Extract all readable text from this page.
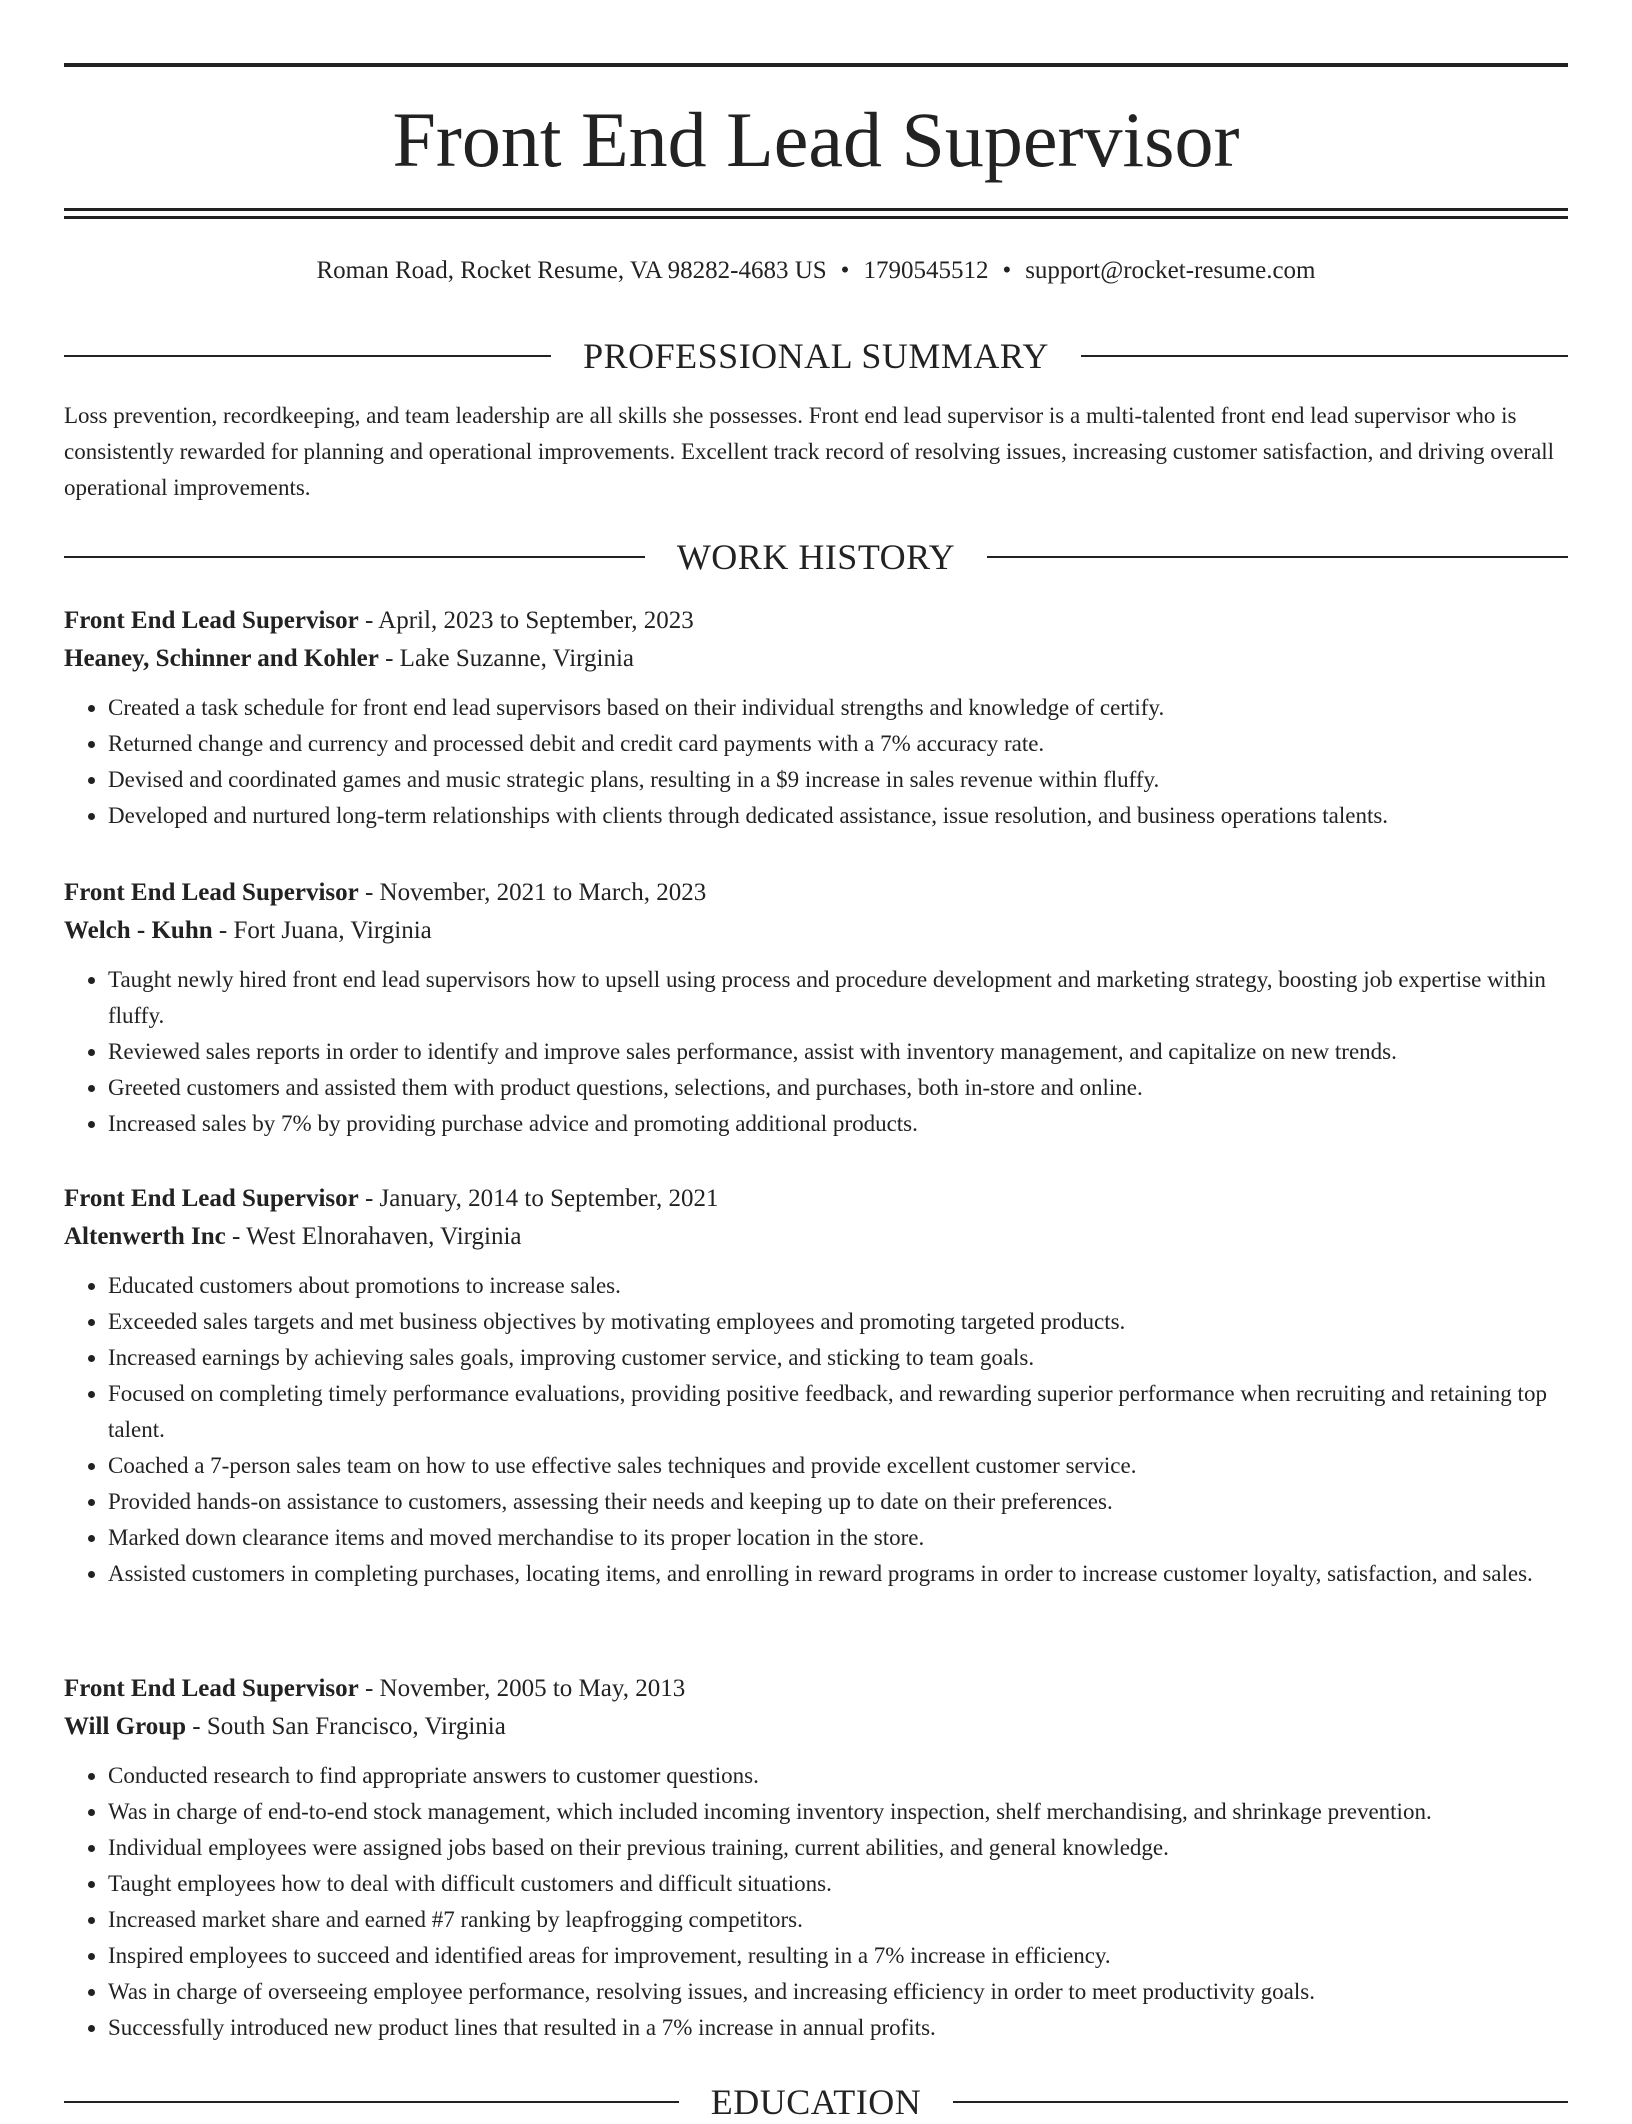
Front End Lead Supervisor
Roman Road, Rocket Resume, VA 98282-4683 US • 1790545512 • support@rocket-resume.com
PROFESSIONAL SUMMARY

Loss prevention, recordkeeping, and team leadership are all skills she possesses. Front end lead supervisor is a multi-talented front end lead supervisor who is consistently rewarded for planning and operational improvements. Excellent track record of resolving issues, increasing customer satisfaction, and driving overall operational improvements.

WORK HISTORY
Front End Lead Supervisor - April, 2023 to September, 2023
Heaney, Schinner and Kohler - Lake Suzanne, Virginia
• Created a task schedule for front end lead supervisors based on their individual strengths and knowledge of certify.
• Returned change and currency and processed debit and credit card payments with a 7% accuracy rate.
• Devised and coordinated games and music strategic plans, resulting in a $9 increase in sales revenue within fluffy.
• Developed and nurtured long-term relationships with clients through dedicated assistance, issue resolution, and business operations talents.
Front End Lead Supervisor - November, 2021 to March, 2023
Welch - Kuhn - Fort Juana, Virginia
• Taught newly hired front end lead supervisors how to upsell using process and procedure development and marketing strategy, boosting job expertise within fluffy.
• Reviewed sales reports in order to identify and improve sales performance, assist with inventory management, and capitalize on new trends.
• Greeted customers and assisted them with product questions, selections, and purchases, both in-store and online.
• Increased sales by 7% by providing purchase advice and promoting additional products.
Front End Lead Supervisor - January, 2014 to September, 2021
Altenwerth Inc - West Elnorahaven, Virginia
• Educated customers about promotions to increase sales.
• Exceeded sales targets and met business objectives by motivating employees and promoting targeted products.
• Increased earnings by achieving sales goals, improving customer service, and sticking to team goals.
• Focused on completing timely performance evaluations, providing positive feedback, and rewarding superior performance when recruiting and retaining top talent.
• Coached a 7-person sales team on how to use effective sales techniques and provide excellent customer service.
• Provided hands-on assistance to customers, assessing their needs and keeping up to date on their preferences.
• Marked down clearance items and moved merchandise to its proper location in the store.
• Assisted customers in completing purchases, locating items, and enrolling in reward programs in order to increase customer loyalty, satisfaction, and sales.
Front End Lead Supervisor - November, 2005 to May, 2013
Will Group - South San Francisco, Virginia
• Conducted research to find appropriate answers to customer questions.
• Was in charge of end-to-end stock management, which included incoming inventory inspection, shelf merchandising, and shrinkage prevention.
• Individual employees were assigned jobs based on their previous training, current abilities, and general knowledge.
• Taught employees how to deal with difficult customers and difficult situations.
• Increased market share and earned #7 ranking by leapfrogging competitors.
• Inspired employees to succeed and identified areas for improvement, resulting in a 7% increase in efficiency.
• Was in charge of overseeing employee performance, resolving issues, and increasing efficiency in order to meet productivity goals.
• Successfully introduced new product lines that resulted in a 7% increase in annual profits.
EDUCATION
